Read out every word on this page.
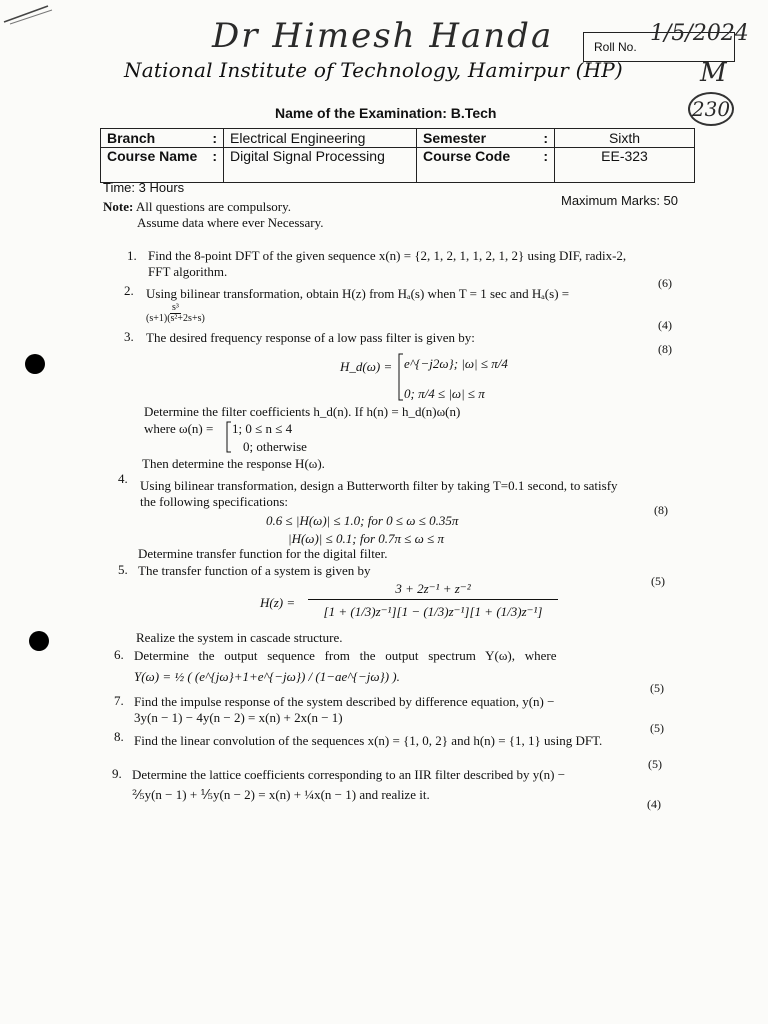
Dr Himesh Handa	Roll No.
1/5/2024
M
230
National Institute of Technology, Hamirpur (HP)
Name of the Examination: B.Tech
Branch :	Electrical Engineering	Semester :	Sixth
Course Name :	Digital Signal Processing	Course Code :	EE-323
Time: 3 Hours
Maximum Marks: 50
Note: All questions are compulsory.
Assume data where ever Necessary.
1.
2.
3.
4.
5.
6.
7.
8.
9.
(6)
(4)
(8)
(8)
(5)
(5)
(5)
(5)
(4)
Find the 8-point DFT of the given sequence x(n) = {2, 1, 2, 1, 1, 2, 1, 2} using DIF, radix-2,
FFT algorithm.
Using bilinear transformation, obtain H(z) from Hₐ(s) when T = 1 sec and Hₐ(s) =
$\frac{\text{s³}}{\text{(s+1)(s²+2s+s)}}$
The desired frequency response of a low pass filter is given by:
H_d(ω) = e^{−j2ω}; |ω| ≤ π/4
0; π/4 ≤ |ω| ≤ π
Determine the filter coefficients h_d(n). If h(n) = h_d(n)ω(n)
where ω(n) = 1; 0 ≤ n ≤ 4
0; otherwise
Then determine the response H(ω).
Using bilinear transformation, design a Butterworth filter by taking T=0.1 second, to satisfy
the following specifications:
0.6 ≤ |H(ω)| ≤ 1.0; for 0 ≤ ω ≤ 0.35π
|H(ω)| ≤ 0.1; for 0.7π ≤ ω ≤ π
Determine transfer function for the digital filter.
The transfer function of a system is given by
H(z) =
3 + 2z⁻¹ + z⁻²
[1 + (1/3)z⁻¹][1 − (1/3)z⁻¹][1 + (1/3)z⁻¹]
Realize the system in cascade structure.
Determine   the   output   sequence   from   the   output   spectrum   Y(ω),   where
Y(ω) = ½ ( (e^{jω}+1+e^{−jω}) / (1−ae^{−jω}) ).
Find the impulse response of the system described by difference equation, y(n) −
3y(n − 1) − 4y(n − 2) = x(n) + 2x(n − 1)
Find the linear convolution of the sequences x(n) = {1, 0, 2} and h(n) = {1, 1} using DFT.
Determine the lattice coefficients corresponding to an IIR filter described by y(n) −
⅖y(n − 1) + ⅕y(n − 2) = x(n) + ¼x(n − 1) and realize it.
